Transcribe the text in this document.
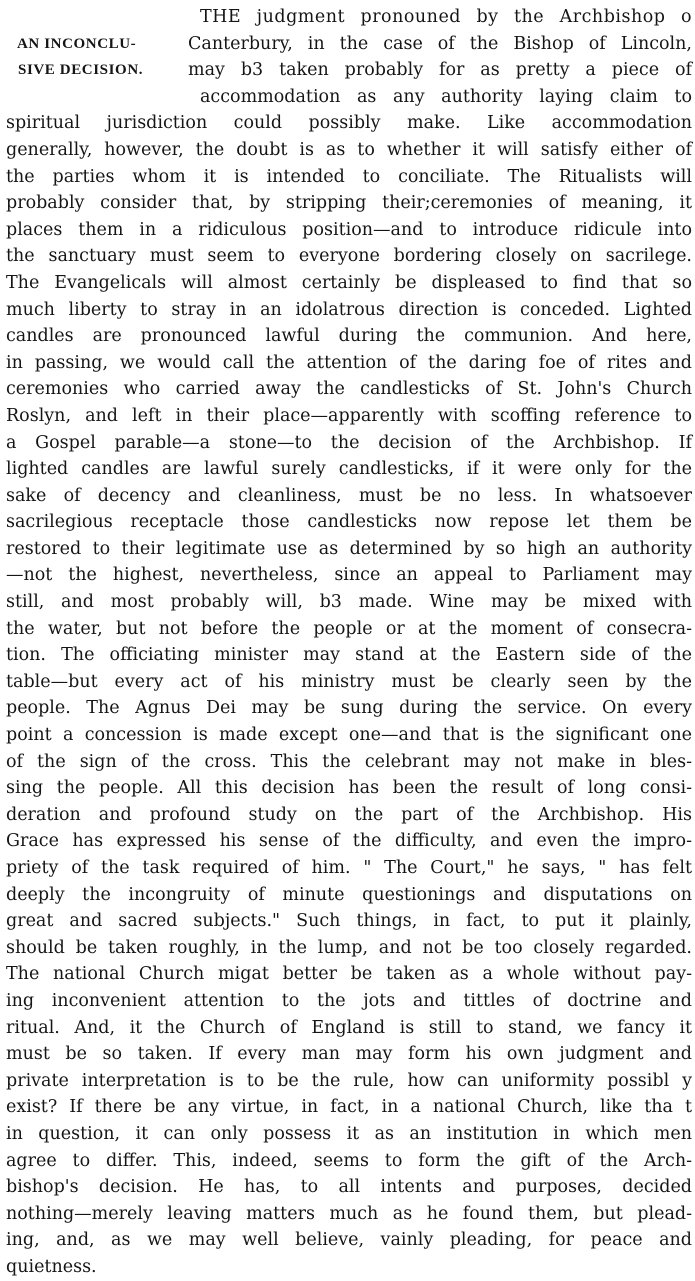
AN INCONCLU-
SIVE DECISION.
THE judgment pronouned by the Archbishop o
Canterbury, in the case of the Bishop of Lincoln,
may b3 taken probably for as pretty a piece of
accommodation as any authority laying claim to
spiritual jurisdiction could possibly make. Like accommodation
generally, however, the doubt is as to whether it will satisfy either of
the parties whom it is intended to conciliate. The Ritualists will
probably consider that, by stripping their;ceremonies of meaning, it
places them in a ridiculous position—and to introduce ridicule into
the sanctuary must seem to everyone bordering closely on sacrilege.
The Evangelicals will almost certainly be displeased to find that so
much liberty to stray in an idolatrous direction is conceded. Lighted
candles are pronounced lawful during the communion. And here,
in passing, we would call the attention of the daring foe of rites and
ceremonies who carried away the candlesticks of St. John's Church
Roslyn, and left in their place—apparently with scoffing reference to
a Gospel parable—a stone—to the decision of the Archbishop. If
lighted candles are lawful surely candlesticks, if it were only for the
sake of decency and cleanliness, must be no less. In whatsoever
sacrilegious receptacle those candlesticks now repose let them be
restored to their legitimate use as determined by so high an authority
—not the highest, nevertheless, since an appeal to Parliament may
still, and most probably will, b3 made. Wine may be mixed with
the water, but not before the people or at the moment of consecra-
tion. The officiating minister may stand at the Eastern side of the
table—but every act of his ministry must be clearly seen by the
people. The Agnus Dei may be sung during the service. On every
point a concession is made except one—and that is the significant one
of the sign of the cross. This the celebrant may not make in bles-
sing the people. All this decision has been the result of long consi-
deration and profound study on the part of the Archbishop. His
Grace has expressed his sense of the difficulty, and even the impro-
priety of the task required of him. " The Court," he says, " has felt
deeply the incongruity of minute questionings and disputations on
great and sacred subjects." Such things, in fact, to put it plainly,
should be taken roughly, in the lump, and not be too closely regarded.
The national Church migat better be taken as a whole without pay-
ing inconvenient attention to the jots and tittles of doctrine and
ritual. And, it the Church of England is still to stand, we fancy it
must be so taken. If every man may form his own judgment and
private interpretation is to be the rule, how can uniformity possibl y
exist? If there be any virtue, in fact, in a national Church, like tha t
in question, it can only possess it as an institution in which men
agree to differ. This, indeed, seems to form the gift of the Arch-
bishop's decision. He has, to all intents and purposes, decided
nothing—merely leaving matters much as he found them, but plead-
ing, and, as we may well believe, vainly pleading, for peace and
quietness.
